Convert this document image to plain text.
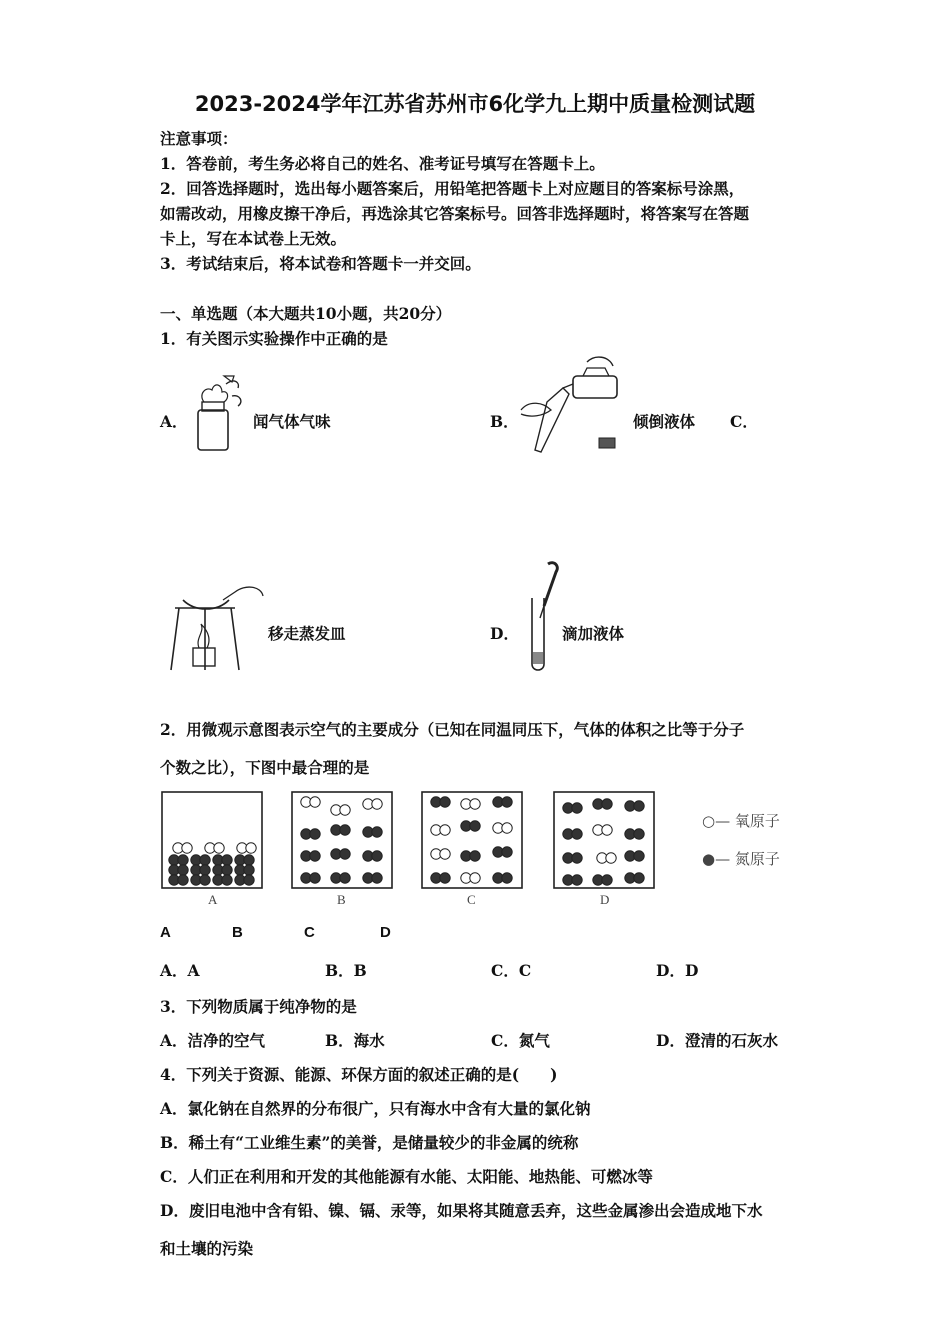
2023-2024学年江苏省苏州市6化学九上期中质量检测试题
注意事项：
1．答卷前，考生务必将自己的姓名、准考证号填写在答题卡上。
2．回答选择题时，选出每小题答案后，用铅笔把答题卡上对应题目的答案标号涂黑，
如需改动，用橡皮擦干净后，再选涂其它答案标号。回答非选择题时，将答案写在答题
卡上，写在本试卷上无效。
3．考试结束后，将本试卷和答题卡一并交回。
一、单选题（本大题共10小题，共20分）
1．有关图示实验操作中正确的是
A．	闻气体气味	B．	倾倒液体 C．
移走蒸发皿	D．	滴加液体
2．用微观示意图表示空气的主要成分（已知在同温同压下，气体的体积之比等于分子
个数之比），下图中最合理的是
A	B	C	D
○— 氧原子
●— 氮原子
A	B	C	D
A．A	B．B	C．C	D．D
3．下列物质属于纯净物的是
A．洁净的空气	B．海水	C．氮气	D．澄清的石灰水
4．下列关于资源、能源、环保方面的叙述正确的是(　　)
A．氯化钠在自然界的分布很广，只有海水中含有大量的氯化钠
B．稀土有“工业维生素”的美誉，是储量较少的非金属的统称
C．人们正在利用和开发的其他能源有水能、太阳能、地热能、可燃冰等
D．废旧电池中含有铅、镍、镉、汞等，如果将其随意丢弃，这些金属渗出会造成地下水
和土壤的污染
